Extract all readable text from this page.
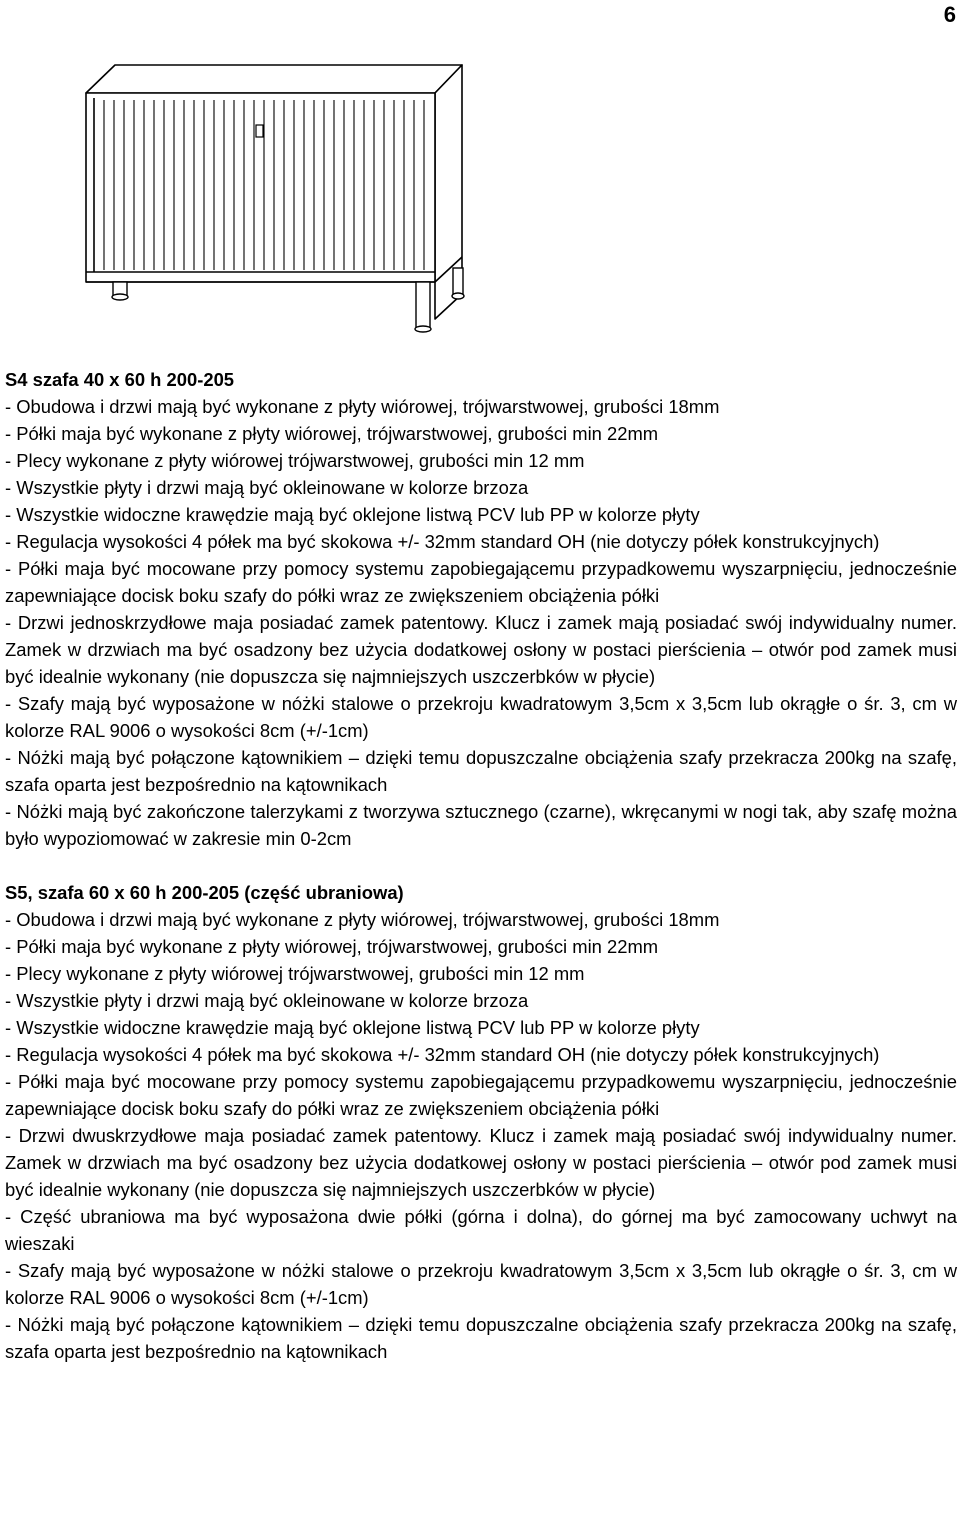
6

S4 szafa 40 x 60 h 200-205

- Obudowa i drzwi mają być wykonane z płyty wiórowej, trójwarstwowej, grubości 18mm

- Półki maja być wykonane z płyty wiórowej, trójwarstwowej, grubości min 22mm

- Plecy wykonane z płyty wiórowej trójwarstwowej, grubości min 12 mm

- Wszystkie płyty i drzwi mają być okleinowane w kolorze brzoza

- Wszystkie widoczne krawędzie mają być oklejone listwą PCV lub PP w kolorze płyty

- Regulacja wysokości 4 półek ma być skokowa +/- 32mm standard OH (nie dotyczy półek konstrukcyjnych)

- Półki maja być mocowane przy pomocy systemu zapobiegającemu przypadkowemu wyszarpnięciu, jednocześnie zapewniające docisk boku szafy do półki wraz ze zwiększeniem obciążenia półki

- Drzwi jednoskrzydłowe maja posiadać zamek patentowy. Klucz i zamek mają posiadać swój indywidualny numer. Zamek w drzwiach ma być osadzony bez użycia dodatkowej osłony w postaci pierścienia – otwór pod zamek musi być idealnie wykonany (nie dopuszcza się najmniejszych uszczerbków w płycie)

- Szafy mają być wyposażone w nóżki stalowe o przekroju kwadratowym 3,5cm x 3,5cm lub okrągłe o śr. 3, cm w kolorze RAL 9006 o wysokości 8cm (+/-1cm)

- Nóżki mają być połączone kątownikiem – dzięki temu dopuszczalne obciążenia szafy przekracza 200kg na szafę, szafa oparta jest bezpośrednio na kątownikach

- Nóżki mają być zakończone talerzykami z tworzywa sztucznego (czarne), wkręcanymi w nogi tak, aby szafę można było wypoziomować w zakresie min 0-2cm

S5, szafa 60 x 60 h 200-205 (część ubraniowa)

- Obudowa i drzwi mają być wykonane z płyty wiórowej, trójwarstwowej, grubości 18mm

- Półki maja być wykonane z płyty wiórowej, trójwarstwowej, grubości min 22mm

- Plecy wykonane z płyty wiórowej trójwarstwowej, grubości min 12 mm

- Wszystkie płyty i drzwi mają być okleinowane w kolorze brzoza

- Wszystkie widoczne krawędzie mają być oklejone listwą PCV lub PP w kolorze płyty

- Regulacja wysokości 4 półek ma być skokowa +/- 32mm standard OH (nie dotyczy półek konstrukcyjnych)

- Półki maja być mocowane przy pomocy systemu zapobiegającemu przypadkowemu wyszarpnięciu, jednocześnie zapewniające docisk boku szafy do półki wraz ze zwiększeniem obciążenia półki

- Drzwi dwuskrzydłowe maja posiadać zamek patentowy. Klucz i zamek mają posiadać swój indywidualny numer. Zamek w drzwiach ma być osadzony bez użycia dodatkowej osłony w postaci pierścienia – otwór pod zamek musi być idealnie wykonany (nie dopuszcza się najmniejszych uszczerbków w płycie)

- Część ubraniowa ma być wyposażona dwie półki (górna i dolna), do górnej ma być zamocowany uchwyt na wieszaki

- Szafy mają być wyposażone w nóżki stalowe o przekroju kwadratowym 3,5cm x 3,5cm lub okrągłe o śr. 3, cm w kolorze RAL 9006 o wysokości 8cm (+/-1cm)

- Nóżki mają być połączone kątownikiem – dzięki temu dopuszczalne obciążenia szafy przekracza 200kg na szafę, szafa oparta jest bezpośrednio na kątownikach
